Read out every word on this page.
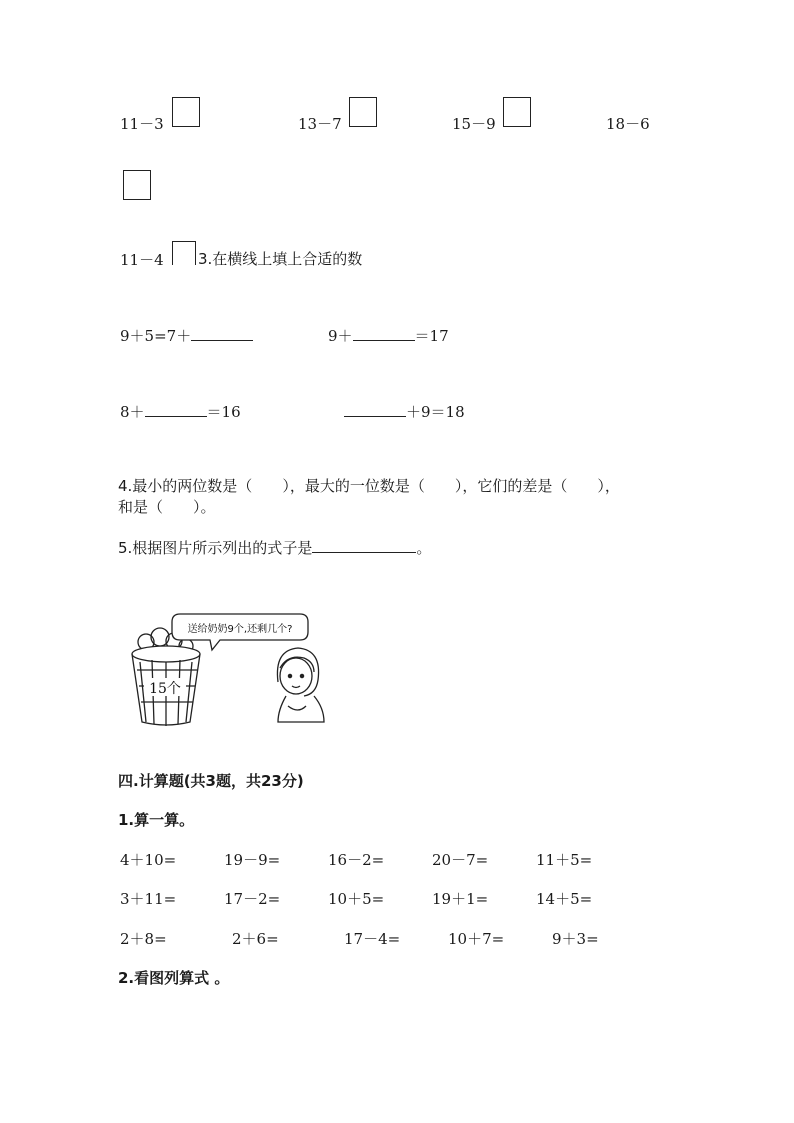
11－3	13－7	15－9	18－6
11－4 3.在横线上填上合适的数
9＋5=7＋	9＋	＝17
8＋	＝16	＋9＝18
4.最小的两位数是（　　），最大的一位数是（　　），它们的差是（　　），
和是（　　）。
5.根据图片所示列出的式子是	。
15个
送给奶奶9个,还剩几个?
四.计算题(共3题，共23分)
1.算一算。
4＋10=	19－9=	16－2=	20－7=	11＋5=
3＋11=	17－2=	10＋5=	19＋1=	14＋5=
2＋8=	2＋6=	17－4=	10＋7=	9＋3=
2.看图列算式 。
